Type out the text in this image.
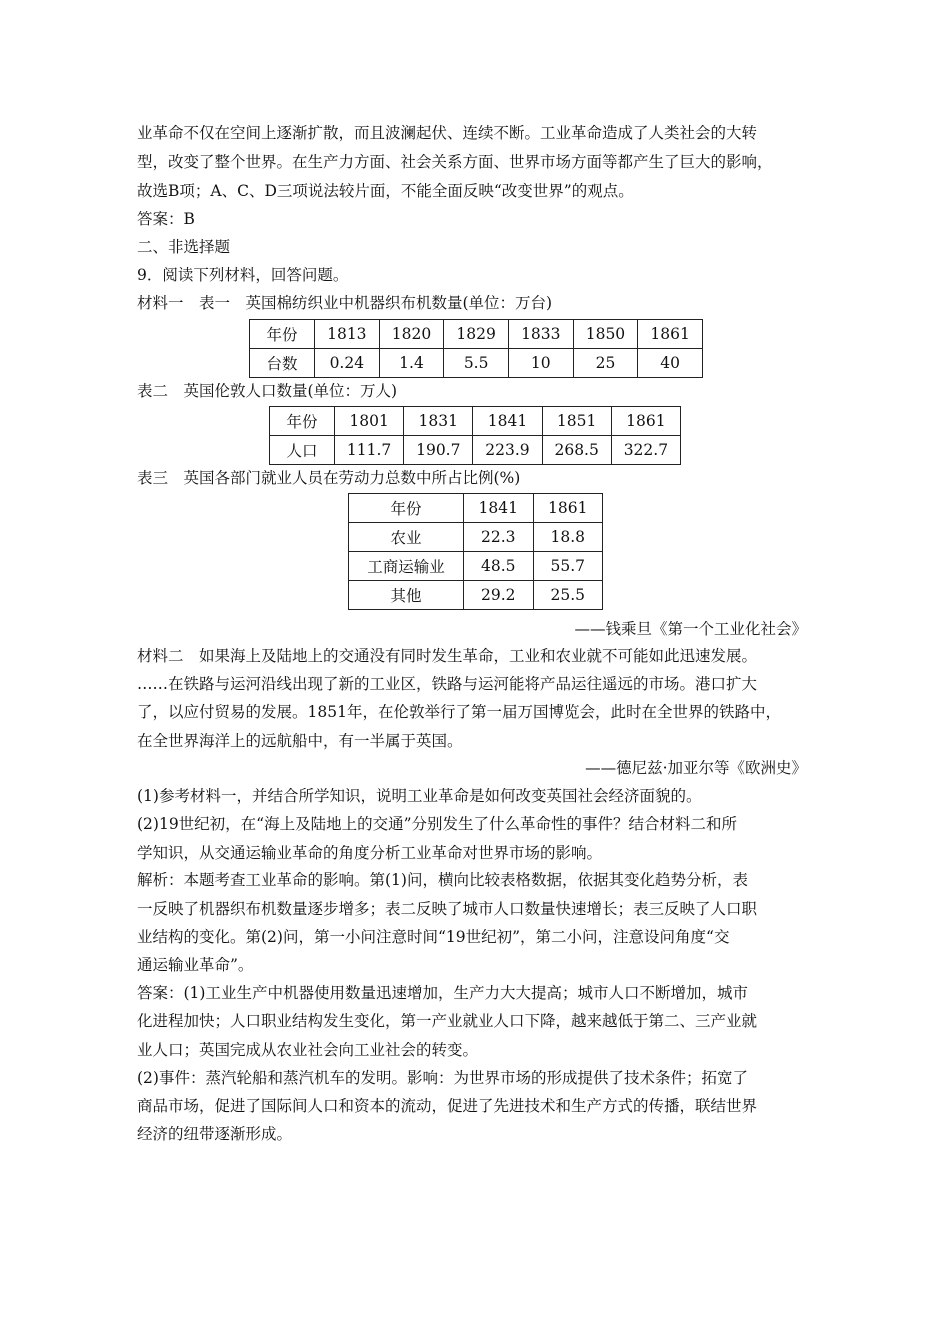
业革命不仅在空间上逐渐扩散，而且波澜起伏、连续不断。工业革命造成了人类社会的大转
型，改变了整个世界。在生产力方面、社会关系方面、世界市场方面等都产生了巨大的影响，
故选B项；A、C、D三项说法较片面，不能全面反映“改变世界”的观点。
答案：B
二、非选择题
9．阅读下列材料，回答问题。
材料一　表一　英国棉纺织业中机器织布机数量(单位：万台)
年份	1813	1820	1829	1833	1850	1861
台数	0.24	1.4	5.5	10	25	40
表二　英国伦敦人口数量(单位：万人)
年份	1801	1831	1841	1851	1861
人口	111.7	190.7	223.9	268.5	322.7
表三　英国各部门就业人员在劳动力总数中所占比例(%)
年份	1841	1861
农业	22.3	18.8
工商运输业	48.5	55.7
其他	29.2	25.5
——钱乘旦《第一个工业化社会》
材料二　如果海上及陆地上的交通没有同时发生革命，工业和农业就不可能如此迅速发展。
……在铁路与运河沿线出现了新的工业区，铁路与运河能将产品运往遥远的市场。港口扩大
了，以应付贸易的发展。1851年，在伦敦举行了第一届万国博览会，此时在全世界的铁路中，
在全世界海洋上的远航船中，有一半属于英国。
——德尼兹·加亚尔等《欧洲史》
(1)参考材料一，并结合所学知识，说明工业革命是如何改变英国社会经济面貌的。
(2)19世纪初，在“海上及陆地上的交通”分别发生了什么革命性的事件？结合材料二和所
学知识，从交通运输业革命的角度分析工业革命对世界市场的影响。
解析：本题考查工业革命的影响。第(1)问，横向比较表格数据，依据其变化趋势分析，表
一反映了机器织布机数量逐步增多；表二反映了城市人口数量快速增长；表三反映了人口职
业结构的变化。第(2)问，第一小问注意时间“19世纪初”，第二小问，注意设问角度“交
通运输业革命”。
答案：(1)工业生产中机器使用数量迅速增加，生产力大大提高；城市人口不断增加，城市
化进程加快；人口职业结构发生变化，第一产业就业人口下降，越来越低于第二、三产业就
业人口；英国完成从农业社会向工业社会的转变。
(2)事件：蒸汽轮船和蒸汽机车的发明。影响：为世界市场的形成提供了技术条件；拓宽了
商品市场，促进了国际间人口和资本的流动，促进了先进技术和生产方式的传播，联结世界
经济的纽带逐渐形成。
